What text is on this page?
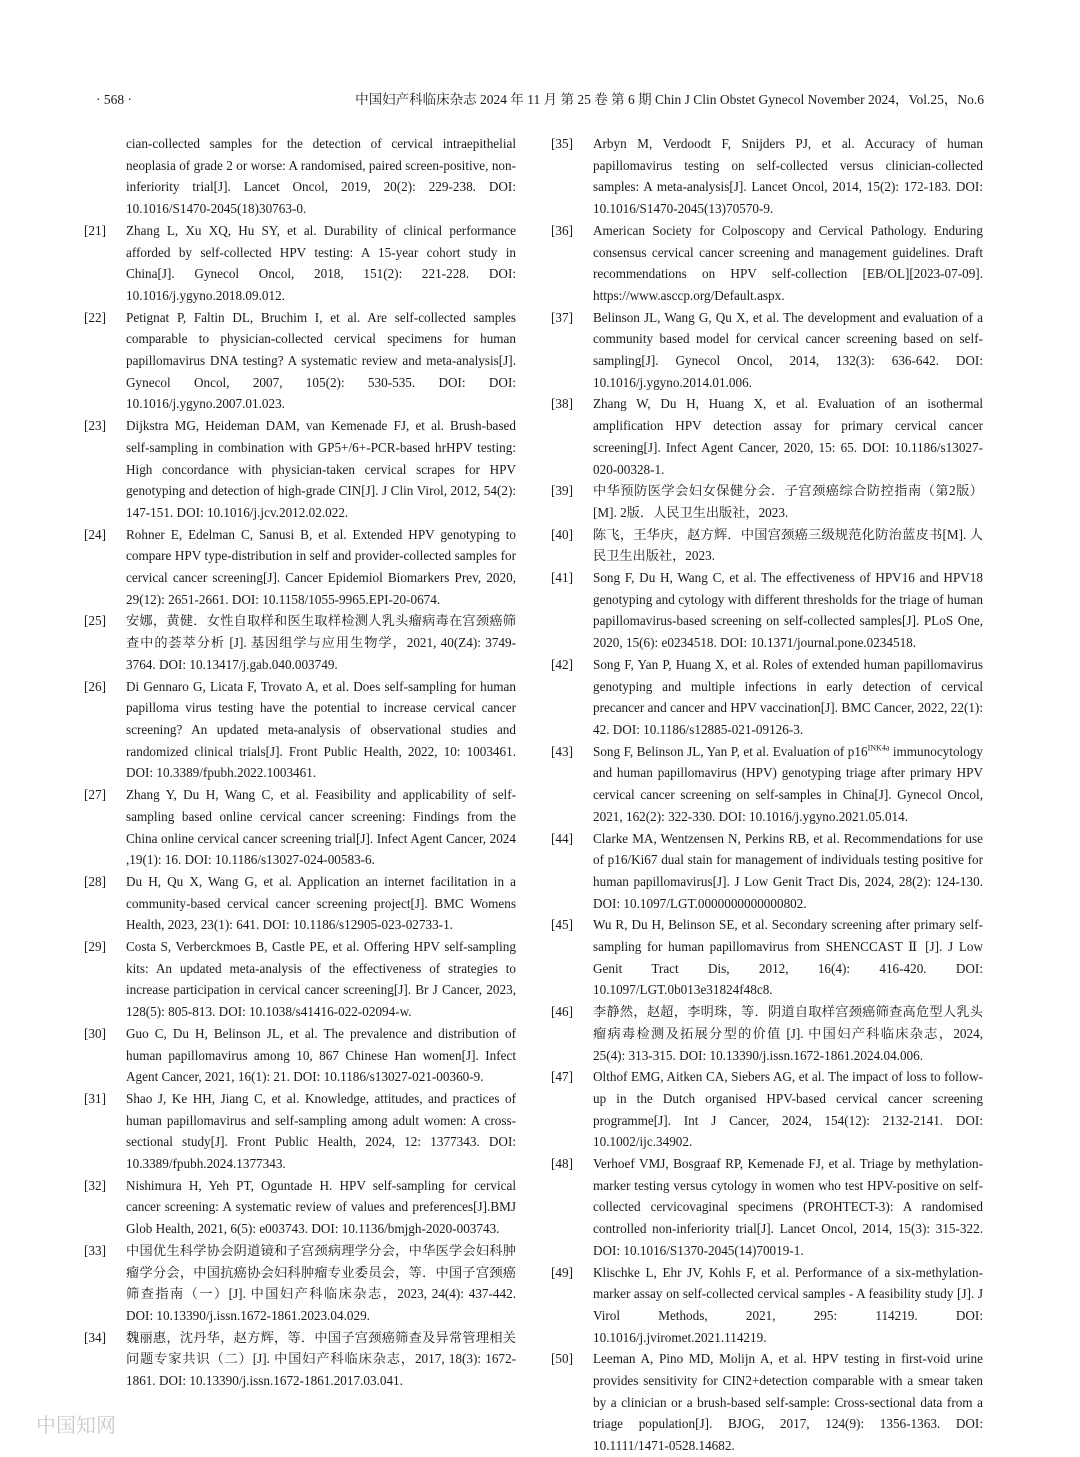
· 568 ·	中国妇产科临床杂志 2024 年 11 月 第 25 卷 第 6 期 Chin J Clin Obstet Gynecol November 2024，Vol.25，No.6

cian-collected samples for the detection of cervical intraepithelial neoplasia of grade 2 or worse: A randomised, paired screen-positive, non-inferiority trial[J]. Lancet Oncol, 2019, 20(2): 229-238. DOI: 10.1016/S1470-2045(18)30763-0.

[21] Zhang L, Xu XQ, Hu SY, et al. Durability of clinical performance afforded by self-collected HPV testing: A 15-year cohort study in China[J]. Gynecol Oncol, 2018, 151(2): 221-228. DOI: 10.1016/j.ygyno.2018.09.012.

[22] Petignat P, Faltin DL, Bruchim I, et al. Are self-collected samples comparable to physician-collected cervical specimens for human papillomavirus DNA testing? A systematic review and meta-analysis[J]. Gynecol Oncol, 2007, 105(2): 530-535. DOI: DOI: 10.1016/j.ygyno.2007.01.023.

[23] Dijkstra MG, Heideman DAM, van Kemenade FJ, et al. Brush-based self-sampling in combination with GP5+/6+-PCR-based hrHPV testing: High concordance with physician-taken cervical scrapes for HPV genotyping and detection of high-grade CIN[J]. J Clin Virol, 2012, 54(2): 147-151. DOI: 10.1016/j.jcv.2012.02.022.

[24] Rohner E, Edelman C, Sanusi B, et al. Extended HPV genotyping to compare HPV type-distribution in self and provider-collected samples for cervical cancer screening[J]. Cancer Epidemiol Biomarkers Prev, 2020, 29(12): 2651-2661. DOI: 10.1158/1055-9965.EPI-20-0674.

[25] 安娜，黄健．女性自取样和医生取样检测人乳头瘤病毒在宫颈癌筛查中的荟萃分析 [J]. 基因组学与应用生物学，2021, 40(Z4): 3749-3764. DOI: 10.13417/j.gab.040.003749.

[26] Di Gennaro G, Licata F, Trovato A, et al. Does self-sampling for human papilloma virus testing have the potential to increase cervical cancer screening? An updated meta-analysis of observational studies and randomized clinical trials[J]. Front Public Health, 2022, 10: 1003461. DOI: 10.3389/fpubh.2022.1003461.

[27] Zhang Y, Du H, Wang C, et al. Feasibility and applicability of self-sampling based online cervical cancer screening: Findings from the China online cervical cancer screening trial[J]. Infect Agent Cancer, 2024 ,19(1): 16. DOI: 10.1186/s13027-024-00583-6.

[28] Du H, Qu X, Wang G, et al. Application an internet facilitation in a community-based cervical cancer screening project[J]. BMC Womens Health, 2023, 23(1): 641. DOI: 10.1186/s12905-023-02733-1.

[29] Costa S, Verberckmoes B, Castle PE, et al. Offering HPV self-sampling kits: An updated meta-analysis of the effectiveness of strategies to increase participation in cervical cancer screening[J]. Br J Cancer, 2023, 128(5): 805-813. DOI: 10.1038/s41416-022-02094-w.

[30] Guo C, Du H, Belinson JL, et al. The prevalence and distribution of human papillomavirus among 10, 867 Chinese Han women[J]. Infect Agent Cancer, 2021, 16(1): 21. DOI: 10.1186/s13027-021-00360-9.

[31] Shao J, Ke HH, Jiang C, et al. Knowledge, attitudes, and practices of human papillomavirus and self-sampling among adult women: A cross-sectional study[J]. Front Public Health, 2024, 12: 1377343. DOI: 10.3389/fpubh.2024.1377343.

[32] Nishimura H, Yeh PT, Oguntade H. HPV self-sampling for cervical cancer screening: A systematic review of values and preferences[J].BMJ Glob Health, 2021, 6(5): e003743. DOI: 10.1136/bmjgh-2020-003743.

[33] 中国优生科学协会阴道镜和子宫颈病理学分会，中华医学会妇科肿瘤学分会，中国抗癌协会妇科肿瘤专业委员会，等．中国子宫颈癌筛查指南（一）[J]. 中国妇产科临床杂志，2023, 24(4): 437-442. DOI: 10.13390/j.issn.1672-1861.2023.04.029.

[34] 魏丽惠，沈丹华，赵方辉，等．中国子宫颈癌筛查及异常管理相关问题专家共识（二）[J]. 中国妇产科临床杂志，2017, 18(3): 1672-1861. DOI: 10.13390/j.issn.1672-1861.2017.03.041.

[35] Arbyn M, Verdoodt F, Snijders PJ, et al. Accuracy of human papillomavirus testing on self-collected versus clinician-collected samples: A meta-analysis[J]. Lancet Oncol, 2014, 15(2): 172-183. DOI: 10.1016/S1470-2045(13)70570-9.

[36] American Society for Colposcopy and Cervical Pathology. Enduring consensus cervical cancer screening and management guidelines. Draft recommendations on HPV self-collection [EB/OL][2023-07-09]. https://www.asccp.org/Default.aspx.

[37] Belinson JL, Wang G, Qu X, et al. The development and evaluation of a community based model for cervical cancer screening based on self-sampling[J]. Gynecol Oncol, 2014, 132(3): 636-642. DOI: 10.1016/j.ygyno.2014.01.006.

[38] Zhang W, Du H, Huang X, et al. Evaluation of an isothermal amplification HPV detection assay for primary cervical cancer screening[J]. Infect Agent Cancer, 2020, 15: 65. DOI: 10.1186/s13027-020-00328-1.

[39] 中华预防医学会妇女保健分会．子宫颈癌综合防控指南（第2版）[M]. 2版．人民卫生出版社，2023.

[40] 陈飞，王华庆，赵方辉．中国宫颈癌三级规范化防治蓝皮书[M]. 人民卫生出版社，2023.

[41] Song F, Du H, Wang C, et al. The effectiveness of HPV16 and HPV18 genotyping and cytology with different thresholds for the triage of human papillomavirus-based screening on self-collected samples[J]. PLoS One, 2020, 15(6): e0234518. DOI: 10.1371/journal.pone.0234518.

[42] Song F, Yan P, Huang X, et al. Roles of extended human papillomavirus genotyping and multiple infections in early detection of cervical precancer and cancer and HPV vaccination[J]. BMC Cancer, 2022, 22(1): 42. DOI: 10.1186/s12885-021-09126-3.

[43] Song F, Belinson JL, Yan P, et al. Evaluation of $p16^{INK4a}$ immunocytology and human papillomavirus (HPV) genotyping triage after primary HPV cervical cancer screening on self-samples in China[J]. Gynecol Oncol, 2021, 162(2): 322-330. DOI: 10.1016/j.ygyno.2021.05.014.

[44] Clarke MA, Wentzensen N, Perkins RB, et al. Recommendations for use of p16/Ki67 dual stain for management of individuals testing positive for human papillomavirus[J]. J Low Genit Tract Dis, 2024, 28(2): 124-130. DOI: 10.1097/LGT.0000000000000802.

[45] Wu R, Du H, Belinson SE, et al. Secondary screening after primary self-sampling for human papillomavirus from SHENCCAST Ⅱ [J]. J Low Genit Tract Dis, 2012, 16(4): 416-420. DOI: 10.1097/LGT.0b013e31824f48c8.

[46] 李静然，赵超，李明珠，等．阴道自取样宫颈癌筛查高危型人乳头瘤病毒检测及拓展分型的价值 [J]. 中国妇产科临床杂志，2024, 25(4): 313-315. DOI: 10.13390/j.issn.1672-1861.2024.04.006.

[47] Olthof EMG, Aitken CA, Siebers AG, et al. The impact of loss to follow-up in the Dutch organised HPV-based cervical cancer screening programme[J]. Int J Cancer, 2024, 154(12): 2132-2141. DOI: 10.1002/ijc.34902.

[48] Verhoef VMJ, Bosgraaf RP, Kemenade FJ, et al. Triage by methylation-marker testing versus cytology in women who test HPV-positive on self-collected cervicovaginal specimens (PROHTECT-3): A randomised controlled non-inferiority trial[J]. Lancet Oncol, 2014, 15(3): 315-322. DOI: 10.1016/S1370-2045(14)70019-1.

[49] Klischke L, Ehr JV, Kohls F, et al. Performance of a six-methylation-marker assay on self-collected cervical samples - A feasibility study [J]. J Virol Methods, 2021, 295: 114219. DOI: 10.1016/j.jviromet.2021.114219.

[50] Leeman A, Pino MD, Molijn A, et al. HPV testing in first-void urine provides sensitivity for CIN2+detection comparable with a smear taken by a clinician or a brush-based self-sample: Cross-sectional data from a triage population[J]. BJOG, 2017, 124(9): 1356-1363. DOI: 10.1111/1471-0528.14682.

中国知网
